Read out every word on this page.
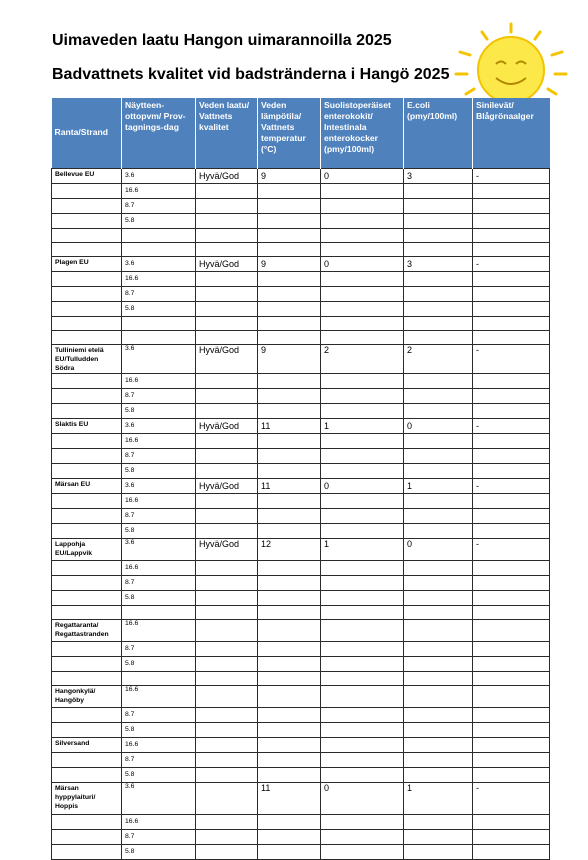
Uimaveden laatu Hangon uimarannoilla 2025
Badvattnets kvalitet vid badstränderna i Hangö 2025
Ranta/Strand	Näytteen-ottopvm/ Prov-tagnings-dag	Veden laatu/ Vattnets kvalitet	Veden lämpötila/ Vattnets temperatur (°C)	Suolistoperäiset enterokokit/ Intestinala enterokocker (pmy/100ml)	E.coli (pmy/100ml)	Sinilevät/ Blågrönaalger
Bellevue EU	3.6	Hyvä/God	9	0	3	-
	16.6					
	8.7					
	5.8					

Plagen EU	3.6	Hyvä/God	9	0	3	-
	16.6					
	8.7					
	5.8					

Tulliniemi etelä EU/Tulludden Södra	3.6	Hyvä/God	9	2	2	-
	16.6					
	8.7					
	5.8					
Slaktis EU	3.6	Hyvä/God	11	1	0	-
	16.6					
	8.7					
	5.8					
Märsan EU	3.6	Hyvä/God	11	0	1	-
	16.6					
	8.7					
	5.8					
Lappohja EU/Lappvik	3.6	Hyvä/God	12	1	0	-
	16.6					
	8.7					
	5.8					

Regattaranta/ Regattastranden	16.6					
	8.7					
	5.8					

Hangonkylä/ Hangöby	16.6					
	8.7					
	5.8					
Silversand	16.6					
	8.7					
	5.8					
Märsan hyppylaituri/ Hoppis	3.6		11	0	1	-
	16.6					
	8.7					
	5.8					
